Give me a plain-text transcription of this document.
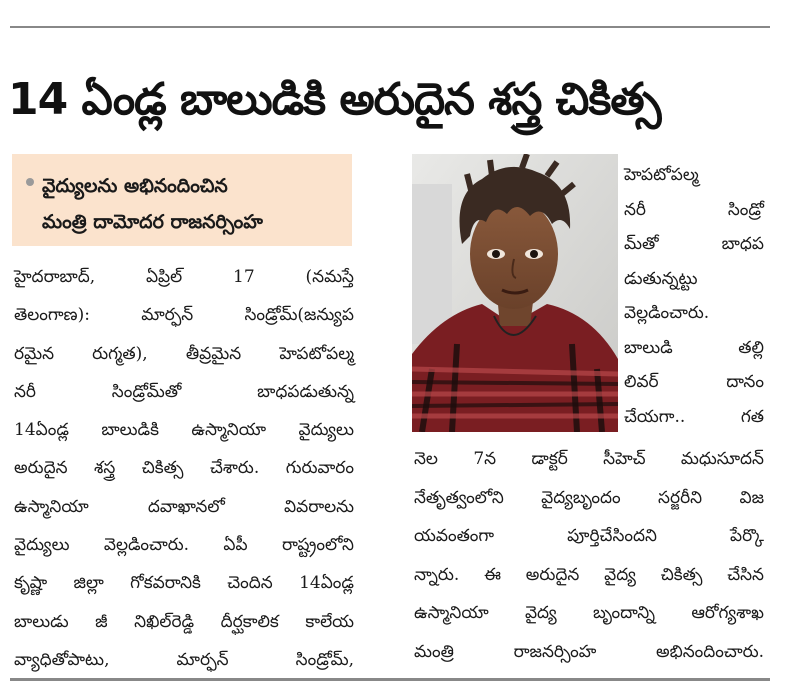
14 ఏండ్ల బాలుడికి అరుదైన శస్త్ర చికిత్స
వైద్యులను అభినందించిన
మంత్రి దామోదర రాజనర్సింహ
హైదరాబాద్, ఏప్రిల్ 17 (నమస్తే
తెలంగాణ): మార్ఫన్ సిండ్రోమ్(జన్యుప
రమైన రుగ్మత), తీవ్రమైన హెపటోపల్మ
నరీ సిండ్రోమ్‌తో బాధపడుతున్న
14ఏండ్ల బాలుడికి ఉస్మానియా వైద్యులు
అరుదైన శస్త్ర చికిత్స చేశారు. గురువారం
ఉస్మానియా దవాఖానలో వివరాలను
వైద్యులు వెల్లడించారు. ఏపీ రాష్ట్రంలోని
కృష్ణా జిల్లా గోకవరానికి చెందిన 14ఏండ్ల
బాలుడు జీ నిఖిల్‌రెడ్డి దీర్ఘకాలిక కాలేయ
వ్యాధితోపాటు, మార్ఫన్ సిండ్రోమ్,
హెపటోపల్మ
నరీ సిండ్రో
మ్‌తో బాధప
డుతున్నట్టు
వెల్లడించారు.
బాలుడి తల్లి
లివర్ దానం
చేయగా.. గత
నెల 7న డాక్టర్ సీహెచ్ మధుసూదన్
నేతృత్వంలోని వైద్యబృందం సర్జరీని విజ
యవంతంగా పూర్తిచేసిందని పేర్కొ
న్నారు. ఈ అరుదైన వైద్య చికిత్స చేసిన
ఉస్మానియా వైద్య బృందాన్ని ఆరోగ్యశాఖ
మంత్రి రాజనర్సింహ అభినందించారు.
